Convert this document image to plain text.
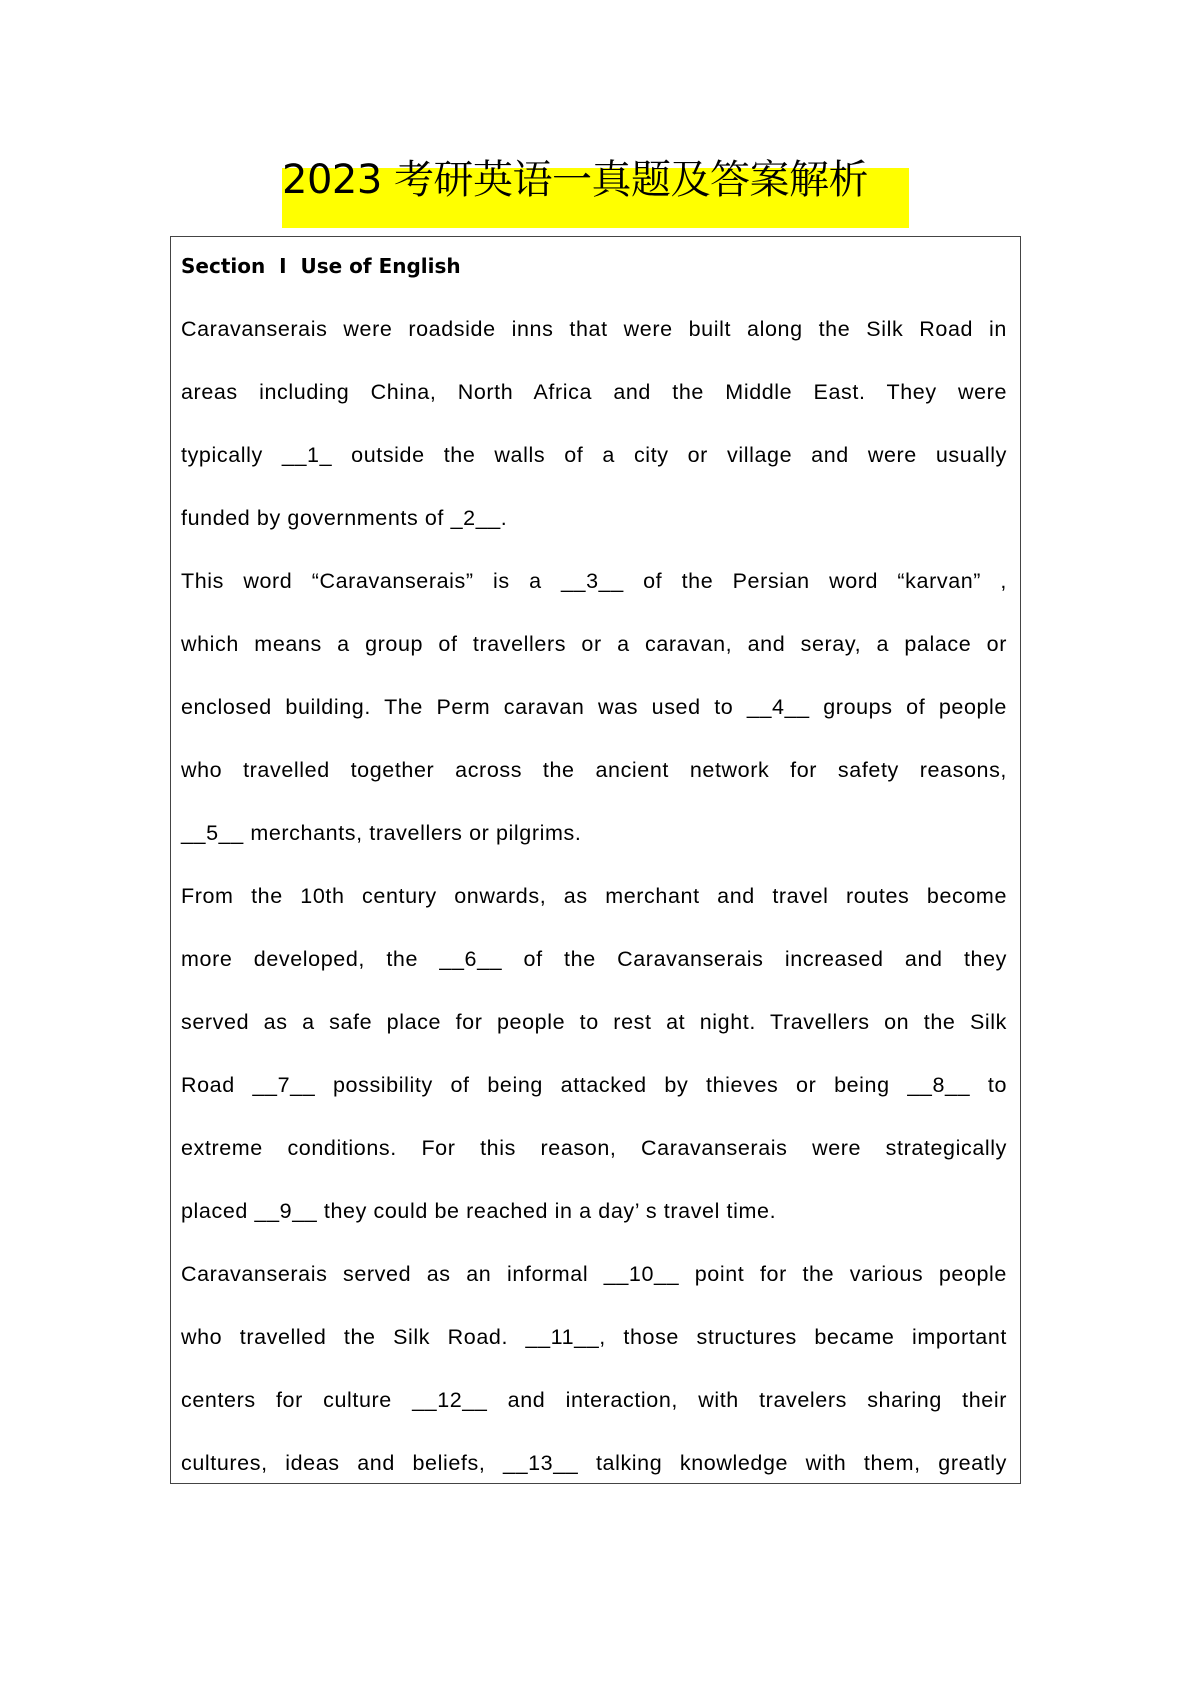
2023 考研英语一真题及答案解析
Section  Ⅰ  Use of English
Caravanserais were roadside inns that were built along the Silk Road in
areas including China, North Africa and the Middle East. They were
typically __1_ outside the walls of a city or village and were usually
funded by governments of _2__.
This word “Caravanserais” is a __3__ of the Persian word “karvan” ,
which means a group of travellers or a caravan, and seray, a palace or
enclosed building. The Perm caravan was used to __4__ groups of people
who travelled together across the ancient network for safety reasons,
__5__ merchants, travellers or pilgrims.
From the 10th century onwards, as merchant and travel routes become
more developed, the __6__ of the Caravanserais increased and they
served as a safe place for people to rest at night. Travellers on the Silk
Road __7__ possibility of being attacked by thieves or being __8__ to
extreme conditions. For this reason, Caravanserais were strategically
placed __9__ they could be reached in a day’ s travel time.
Caravanserais served as an informal __10__ point for the various people
who travelled the Silk Road. __11__, those structures became important
centers for culture __12__ and interaction, with travelers sharing their
cultures, ideas and beliefs, __13__ talking knowledge with them, greatly
